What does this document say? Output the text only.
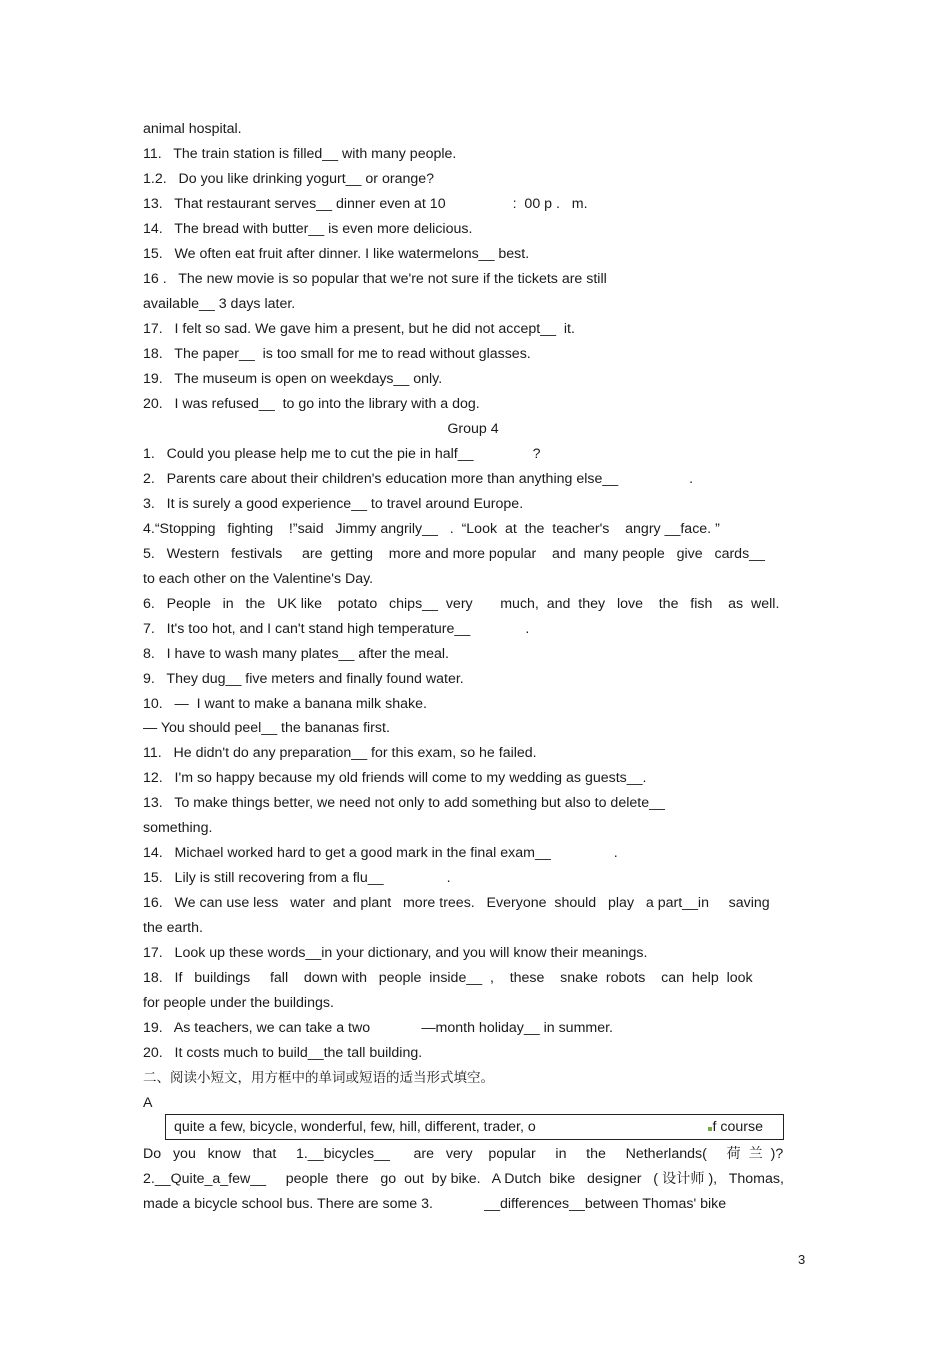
animal hospital.
11.   The train station is filled__ with many people.
1.2.   Do you like drinking yogurt__ or orange?
13.   That restaurant serves__ dinner even at 10                 :  00 p .   m.
14.   The bread with butter__ is even more delicious.
15.   We often eat fruit after dinner. I like watermelons__ best.
16 .   The new movie is so popular that we're not sure if the tickets are still
available__ 3 days later.
17.   I felt so sad. We gave him a present, but he did not accept__  it.
18.   The paper__  is too small for me to read without glasses.
19.   The museum is open on weekdays__ only.
20.   I was refused__  to go into the library with a dog.
Group 4
1.   Could you please help me to cut the pie in half__               ?
2.   Parents care about their children's education more than anything else__                  .
3.   It is surely a good experience__ to travel around Europe.
4.“Stopping   fighting    !”said   Jimmy angrily__   .  “Look  at  the  teacher's    angry __face. ”
5.   Western   festivals     are  getting    more and more popular    and  many people   give   cards__
to each other on the Valentine's Day.
6.   People   in   the   UK like    potato   chips__  very       much,  and  they   love    the   fish    as  well.
7.   It's too hot, and I can't stand high temperature__              .
8.   I have to wash many plates__ after the meal.
9.   They dug__ five meters and finally found water.
10.   —  I want to make a banana milk shake.
— You should peel__ the bananas first.
11.   He didn't do any preparation__ for this exam, so he failed.
12.   I'm so happy because my old friends will come to my wedding as guests__.
13.   To make things better, we need not only to add something but also to delete__
something.
14.   Michael worked hard to get a good mark in the final exam__                .
15.   Lily is still recovering from a flu__                .
16.   We can use less   water  and plant   more trees.   Everyone  should   play   a part__in     saving
the earth.
17.   Look up these words__in your dictionary, and you will know their meanings.
18.   If   buildings     fall    down with   people  inside__  ,    these    snake  robots    can  help  look
for people under the buildings.
19.   As teachers, we can take a two             —month holiday__ in summer.
20.   It costs much to build__the tall building.
二、阅读小短文，用方框中的单词或短语的适当形式填空。
A
quite a few, bicycle, wonderful, few, hill, different, trader, o	f course
Do   you   know   that     1.__bicycles__      are   very    popular     in     the     Netherlands(     荷  兰  )?
2.__Quite_a_few__     people  there   go  out  by bike.   A Dutch  bike   designer   ( 设计师 ),   Thomas,
made a bicycle school bus. There are some 3.             __differences__between Thomas' bike
3
